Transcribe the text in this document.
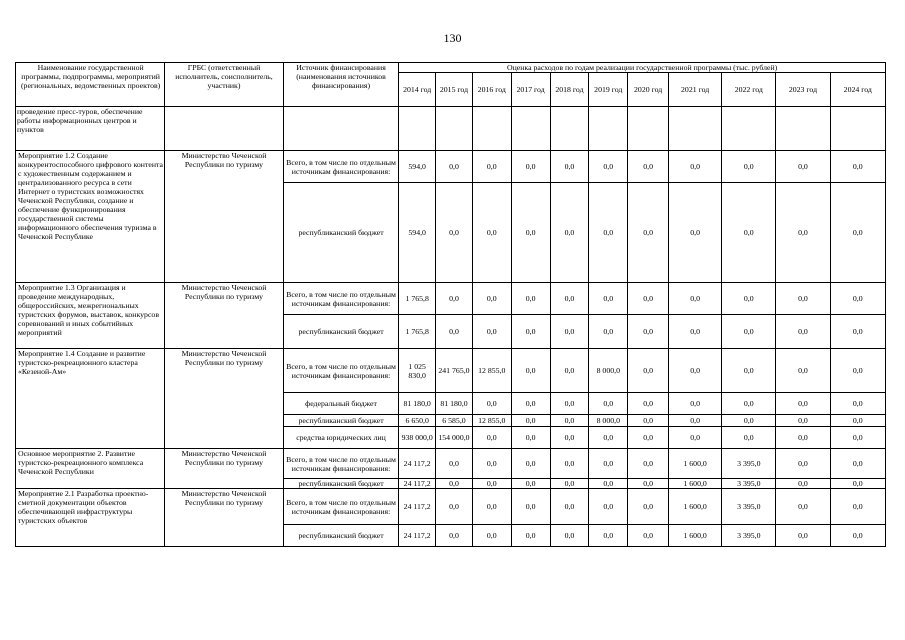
130
Наименование государственной программы, подпрограммы, мероприятий (региональных, ведомственных проектов)	ГРБС (ответственный исполнитель, соисполнитель, участник)	Источник финансирования (наименования источников финансирования)	Оценка расходов по годам реализации государственной программы (тыс. рублей)										
			2014 год	2015 год	2016 год	2017 год	2018 год	2019 год	2020 год	2021 год	2022 год	2023 год	2024 год
проведение пресс-туров, обеспечение работы информационных центров и пунктов													
Мероприятие 1.2 Создание конкурентоспособного цифрового контента с художественным содержанием и централизованного ресурса в сети Интернет о туристских возможностях Чеченской Республики, создание и обеспечение функционирования государственной системы информационного обеспечения туризма в Чеченской Республике	Министерство Чеченской Республики по туризму	Всего, в том числе по отдельным источникам финансирования:	594,0	0,0	0,0	0,0	0,0	0,0	0,0	0,0	0,0	0,0	0,0
		республиканский бюджет	594,0	0,0	0,0	0,0	0,0	0,0	0,0	0,0	0,0	0,0	0,0
Мероприятие 1.3 Организация и проведение международных, общероссийских, межрегиональных туристских форумов, выставок, конкурсов соревнований и иных событийных мероприятий	Министерство Чеченской Республики по туризму	Всего, в том числе по отдельным источникам финансирования:	1 765,8	0,0	0,0	0,0	0,0	0,0	0,0	0,0	0,0	0,0	0,0
		республиканский бюджет	1 765,8	0,0	0,0	0,0	0,0	0,0	0,0	0,0	0,0	0,0	0,0
Мероприятие 1.4 Создание и развитие туристско-рекреационного кластера «Кезеной-Ам»	Министерство Чеченской Республики по туризму	Всего, в том числе по отдельным источникам финансирования:	1 025 830,0	241 765,0	12 855,0	0,0	0,0	8 000,0	0,0	0,0	0,0	0,0	0,0
		федеральный бюджет	81 180,0	81 180,0	0,0	0,0	0,0	0,0	0,0	0,0	0,0	0,0	0,0
		республиканский бюджет	6 650,0	6 585,0	12 855,0	0,0	0,0	8 000,0	0,0	0,0	0,0	0,0	0,0
		средства юридических лиц	938 000,0	154 000,0	0,0	0,0	0,0	0,0	0,0	0,0	0,0	0,0	0,0
Основное мероприятие 2. Развитие туристско-рекреационного комплекса Чеченской Республики	Министерство Чеченской Республики по туризму	Всего, в том числе по отдельным источникам финансирования:	24 117,2	0,0	0,0	0,0	0,0	0,0	0,0	1 600,0	3 395,0	0,0	0,0
		республиканский бюджет	24 117,2	0,0	0,0	0,0	0,0	0,0	0,0	1 600,0	3 395,0	0,0	0,0
Мероприятие 2.1 Разработка проектно-сметной документации объектов обеспечивающей инфраструктуры туристских объектов	Министерство Чеченской Республики по туризму	Всего, в том числе по отдельным источникам финансирования:	24 117,2	0,0	0,0	0,0	0,0	0,0	0,0	1 600,0	3 395,0	0,0	0,0
		республиканский бюджет	24 117,2	0,0	0,0	0,0	0,0	0,0	0,0	1 600,0	3 395,0	0,0	0,0
